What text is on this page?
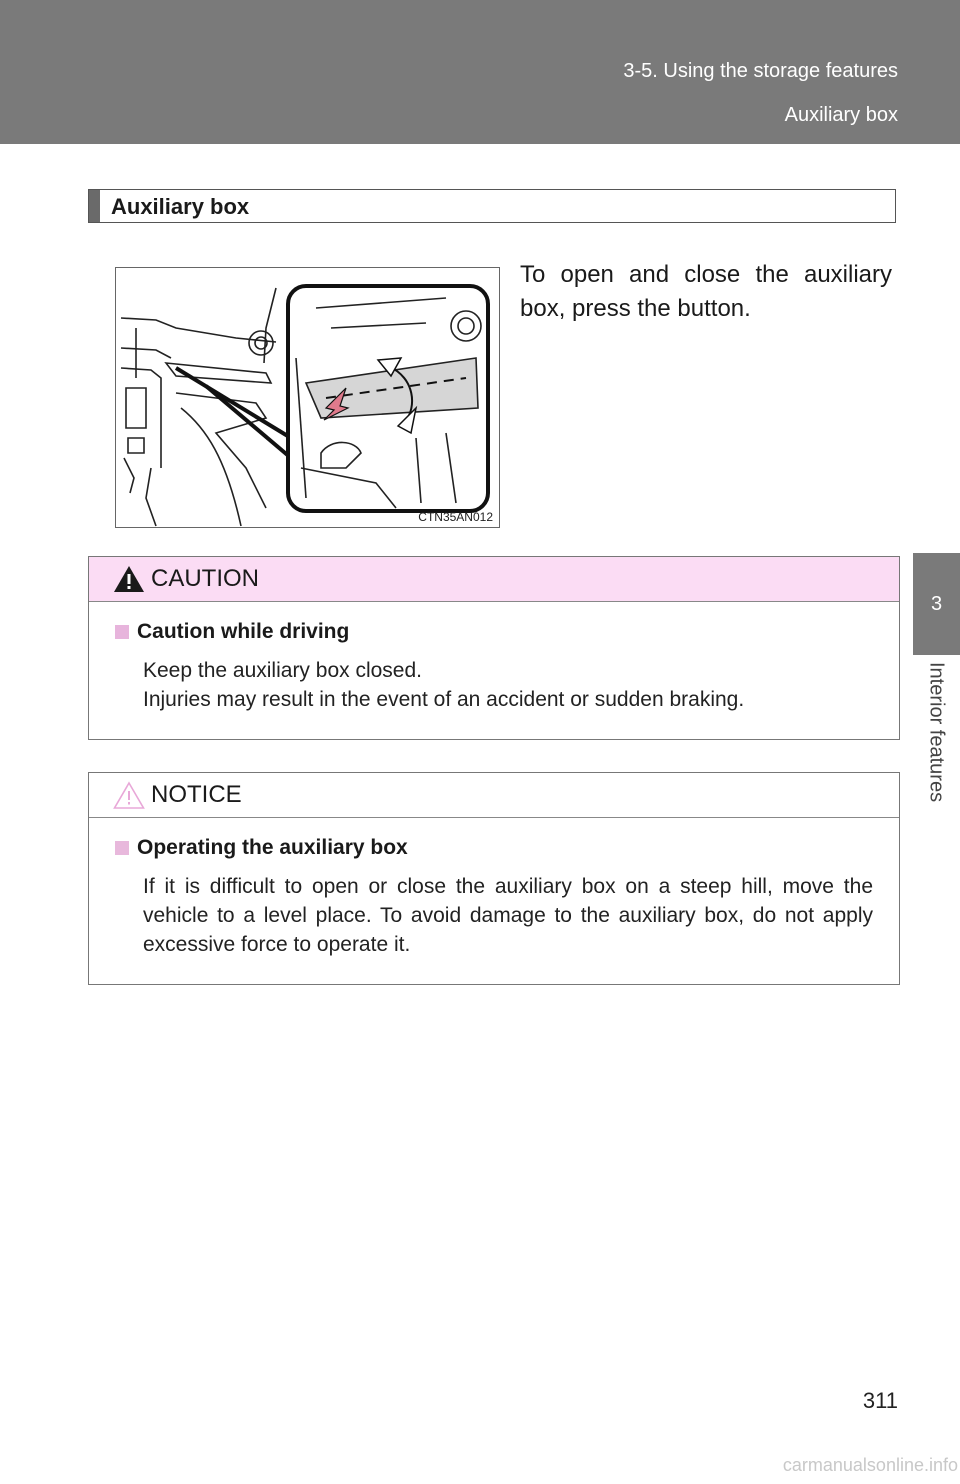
3-5. Using the storage features
Auxiliary box
3
Interior features
Auxiliary box
CTN35AN012
To open and close the auxiliary box, press the button.
CAUTION
Caution while driving
Keep the auxiliary box closed.
Injuries may result in the event of an accident or sudden braking.
NOTICE
Operating the auxiliary box
If it is difficult to open or close the auxiliary box on a steep hill, move the vehicle to a level place. To avoid damage to the auxiliary box, do not apply excessive force to operate it.
311
carmanualsonline.info
